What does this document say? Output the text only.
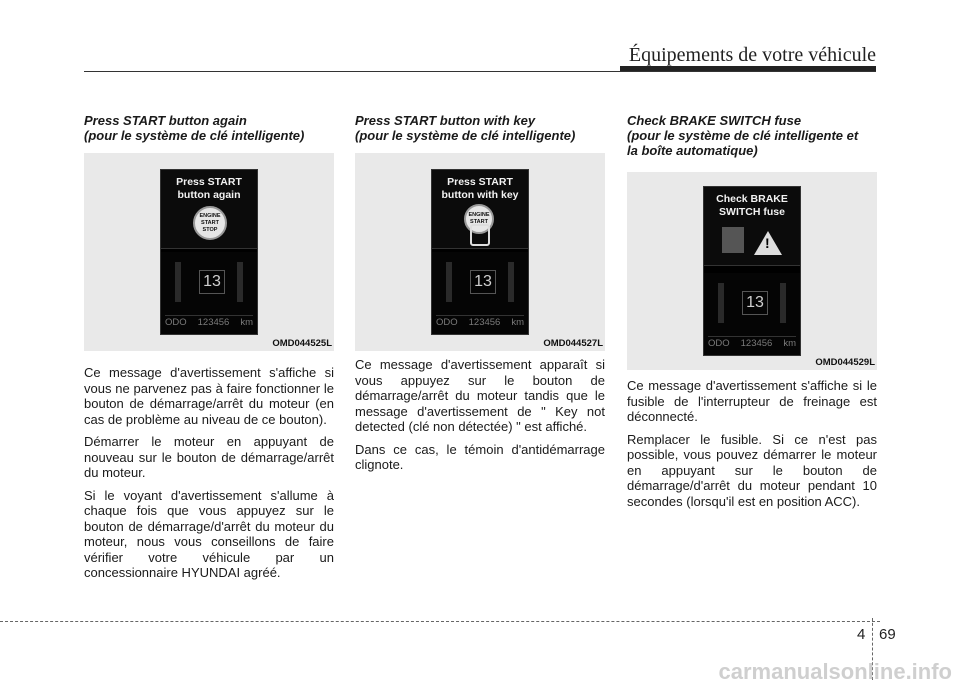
Équipements de votre véhicule
Press START button again
(pour le système de clé intelligente)
Press START
button again
ENGINE
START
STOP
13
ODO 123456 km
OMD044525L

Ce message d'avertissement s'affiche si vous ne parvenez pas à faire fonctionner le bouton de démarrage/arrêt du moteur (en cas de problème au niveau de ce bouton).

Démarrer le moteur en appuyant de nouveau sur le bouton de démarrage/arrêt du moteur.

Si le voyant d'avertissement s'allume à chaque fois que vous appuyez sur le bouton de démarrage/d'arrêt du moteur du moteur, nous vous conseillons de faire vérifier votre véhicule par un concessionnaire HYUNDAI agréé.

Press START button with key
(pour le système de clé intelligente)
Press START
button with key
ENGINE
START
13
ODO 123456 km
OMD044527L

Ce message d'avertissement apparaît si vous appuyez sur le bouton de démarrage/arrêt du moteur tandis que le message d'avertissement de " Key not detected (clé non détectée) " est affiché.

Dans ce cas, le témoin d'antidémarrage clignote.

Check BRAKE SWITCH fuse
(pour le système de clé intelligente et
la boîte automatique)
Check BRAKE
SWITCH fuse
!
13
ODO 123456 km
OMD044529L

Ce message d'avertissement s'affiche si le fusible de l'interrupteur de freinage est déconnecté.

Remplacer le fusible. Si ce n'est pas possible, vous pouvez démarrer le moteur en appuyant sur le bouton de démarrage/d'arrêt du moteur pendant 10 secondes (lorsqu'il est en position ACC).

4 69
carmanualsonline.info
